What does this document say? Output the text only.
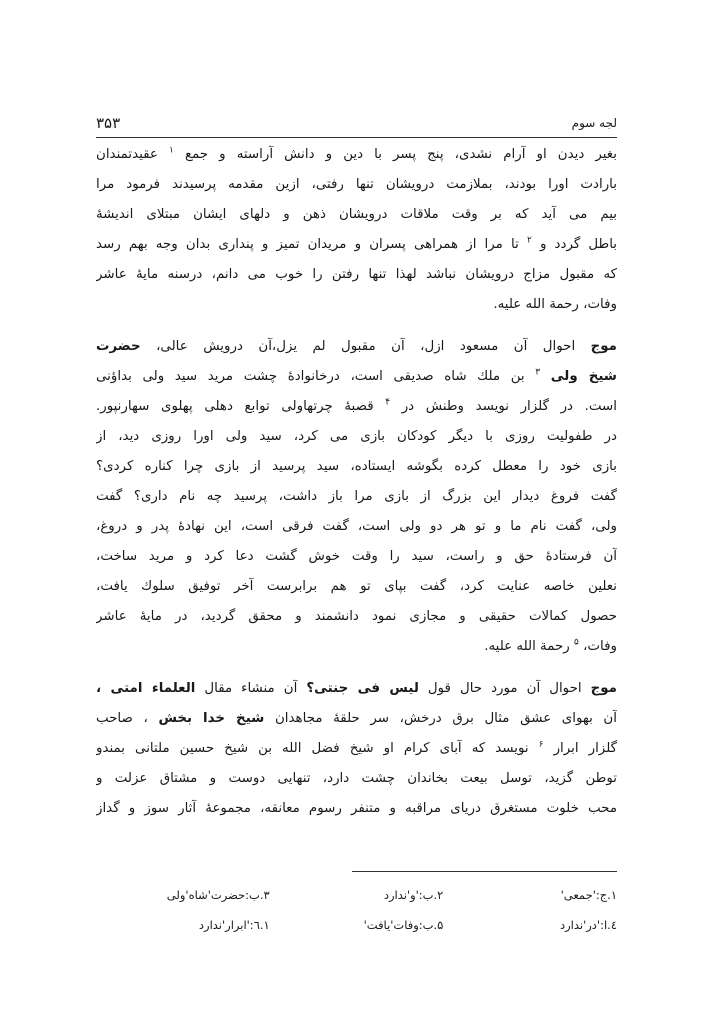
۳۵۳	لجه سوم
بغیر دیدن او آرام نشدی، پنج پسر با دین و دانش آراسته و جمع $^۱$ عقیدتمندان
بارادت اورا بودند، بملازمت درویشان تنها رفتی، ازین مقدمه پرسیدند فرمود مرا
بیم می آید که بر وقت ملاقات درویشان ذهن و دلهای ایشان مبتلای اندیشهٔ
باطل گردد و $^۲$ تا مرا از همراهی پسران و مریدان تمیز و پنداری بدان وجه بهم رسد
که مقبول مزاج درویشان نباشد لهذا تنها رفتن را خوب می دانم، درسنه مایهٔ عاشر
وفات، رحمة الله علیه.
موج احوال آن مسعود ازل، آن مقبول لم یزل،آن درویش عالی، حضرت
شیخ ولی $^۳$ بن ملك شاه صدیقی است، درخانوادهٔ چشت مرید سید ولی بداؤنی
است. در گلزار نویسد وطنش در $^۴$ قصبهٔ چرتهاولی توابع دهلی پهلوی سهارنپور.
در طفولیت روزی با دیگر کودکان بازی می کرد، سید ولی اورا روزی دید، از
بازی خود را معطل کرده بگوشه ایستاده، سید پرسید از بازی چرا کناره کردی؟
گفت فروغ دیدار این بزرگ از بازی مرا باز داشت، پرسید چه نام داری؟ گفت
ولی، گفت نام ما و تو هر دو ولی است، گفت فرقی است، این نهادهٔ پدر و دروغ،
آن فرستادهٔ حق و راست، سید را وقت خوش گشت دعا کرد و مرید ساخت،
نعلین خاصه عنایت کرد، گفت بپای تو هم برابرست آخر توفیق سلوك یافت،
حصول کمالات حقیقی و مجازی نمود دانشمند و محقق گردید، در مایهٔ عاشر
وفات، $^۵$ رحمة الله علیه.
موج احوال آن مورد حال قول لیس فی جنتی؟ آن منشاء مقال العلماء امتی ،
آن بهوای عشق مثال برق درخش، سر حلقهٔ مجاهدان شیخ خدا بخش ، صاحب
گلزار ابرار $^۶$ نویسد که آبای کرام او شیخ فضل الله بن شیخ حسین ملتانی بمندو
توطن گزید، توسل بیعت بخاندان چشت دارد، تنهایی دوست و مشتاق عزلت و
محب خلوت مستغرق دریای مراقبه و متنفر رسوم معانقه، مجموعهٔ آثار سوز و گداز
۱.ج:'جمعی'
۲.ب:'و'ندارد
۳.ب:حضرت'شاه'ولی
٤.ا:'در'ندارد
۵.ب:وفات'یافت'
۱.٦:'ابرار'ندارد
